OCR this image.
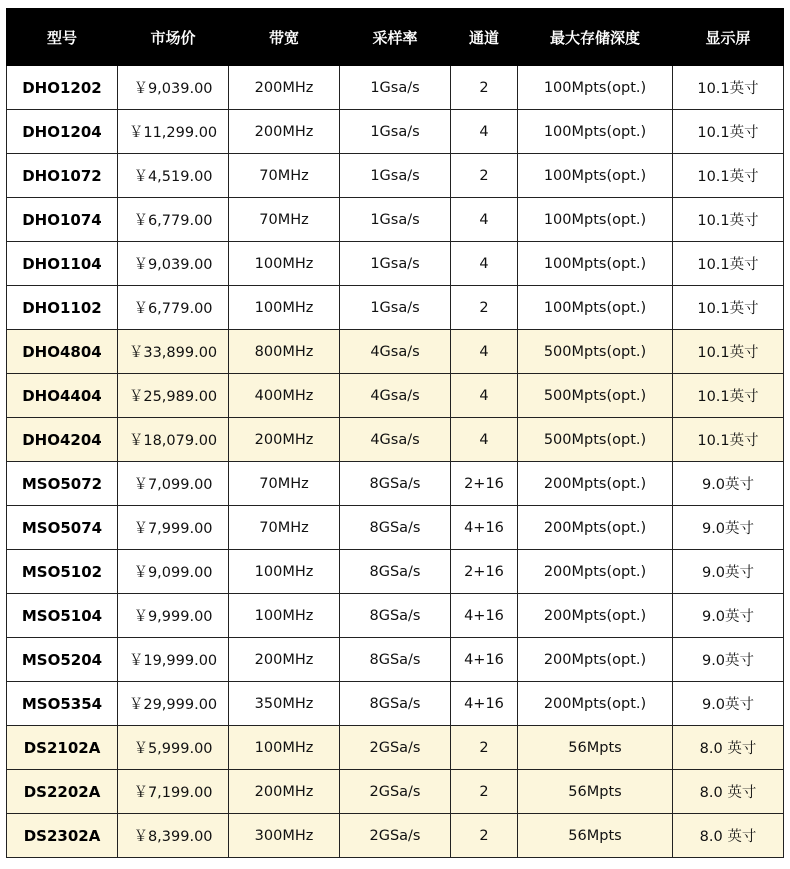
型号	市场价	带宽	采样率	通道	最大存储深度	显示屏
DHO1202	￥9,039.00	200MHz	1Gsa/s	2	100Mpts(opt.)	10.1英寸
DHO1204	￥11,299.00	200MHz	1Gsa/s	4	100Mpts(opt.)	10.1英寸
DHO1072	￥4,519.00	70MHz	1Gsa/s	2	100Mpts(opt.)	10.1英寸
DHO1074	￥6,779.00	70MHz	1Gsa/s	4	100Mpts(opt.)	10.1英寸
DHO1104	￥9,039.00	100MHz	1Gsa/s	4	100Mpts(opt.)	10.1英寸
DHO1102	￥6,779.00	100MHz	1Gsa/s	2	100Mpts(opt.)	10.1英寸
DHO4804	￥33,899.00	800MHz	4Gsa/s	4	500Mpts(opt.)	10.1英寸
DHO4404	￥25,989.00	400MHz	4Gsa/s	4	500Mpts(opt.)	10.1英寸
DHO4204	￥18,079.00	200MHz	4Gsa/s	4	500Mpts(opt.)	10.1英寸
MSO5072	￥7,099.00	70MHz	8GSa/s	2+16	200Mpts(opt.)	9.0英寸
MSO5074	￥7,999.00	70MHz	8GSa/s	4+16	200Mpts(opt.)	9.0英寸
MSO5102	￥9,099.00	100MHz	8GSa/s	2+16	200Mpts(opt.)	9.0英寸
MSO5104	￥9,999.00	100MHz	8GSa/s	4+16	200Mpts(opt.)	9.0英寸
MSO5204	￥19,999.00	200MHz	8GSa/s	4+16	200Mpts(opt.)	9.0英寸
MSO5354	￥29,999.00	350MHz	8GSa/s	4+16	200Mpts(opt.)	9.0英寸
DS2102A	￥5,999.00	100MHz	2GSa/s	2	56Mpts	8.0 英寸
DS2202A	￥7,199.00	200MHz	2GSa/s	2	56Mpts	8.0 英寸
DS2302A	￥8,399.00	300MHz	2GSa/s	2	56Mpts	8.0 英寸
